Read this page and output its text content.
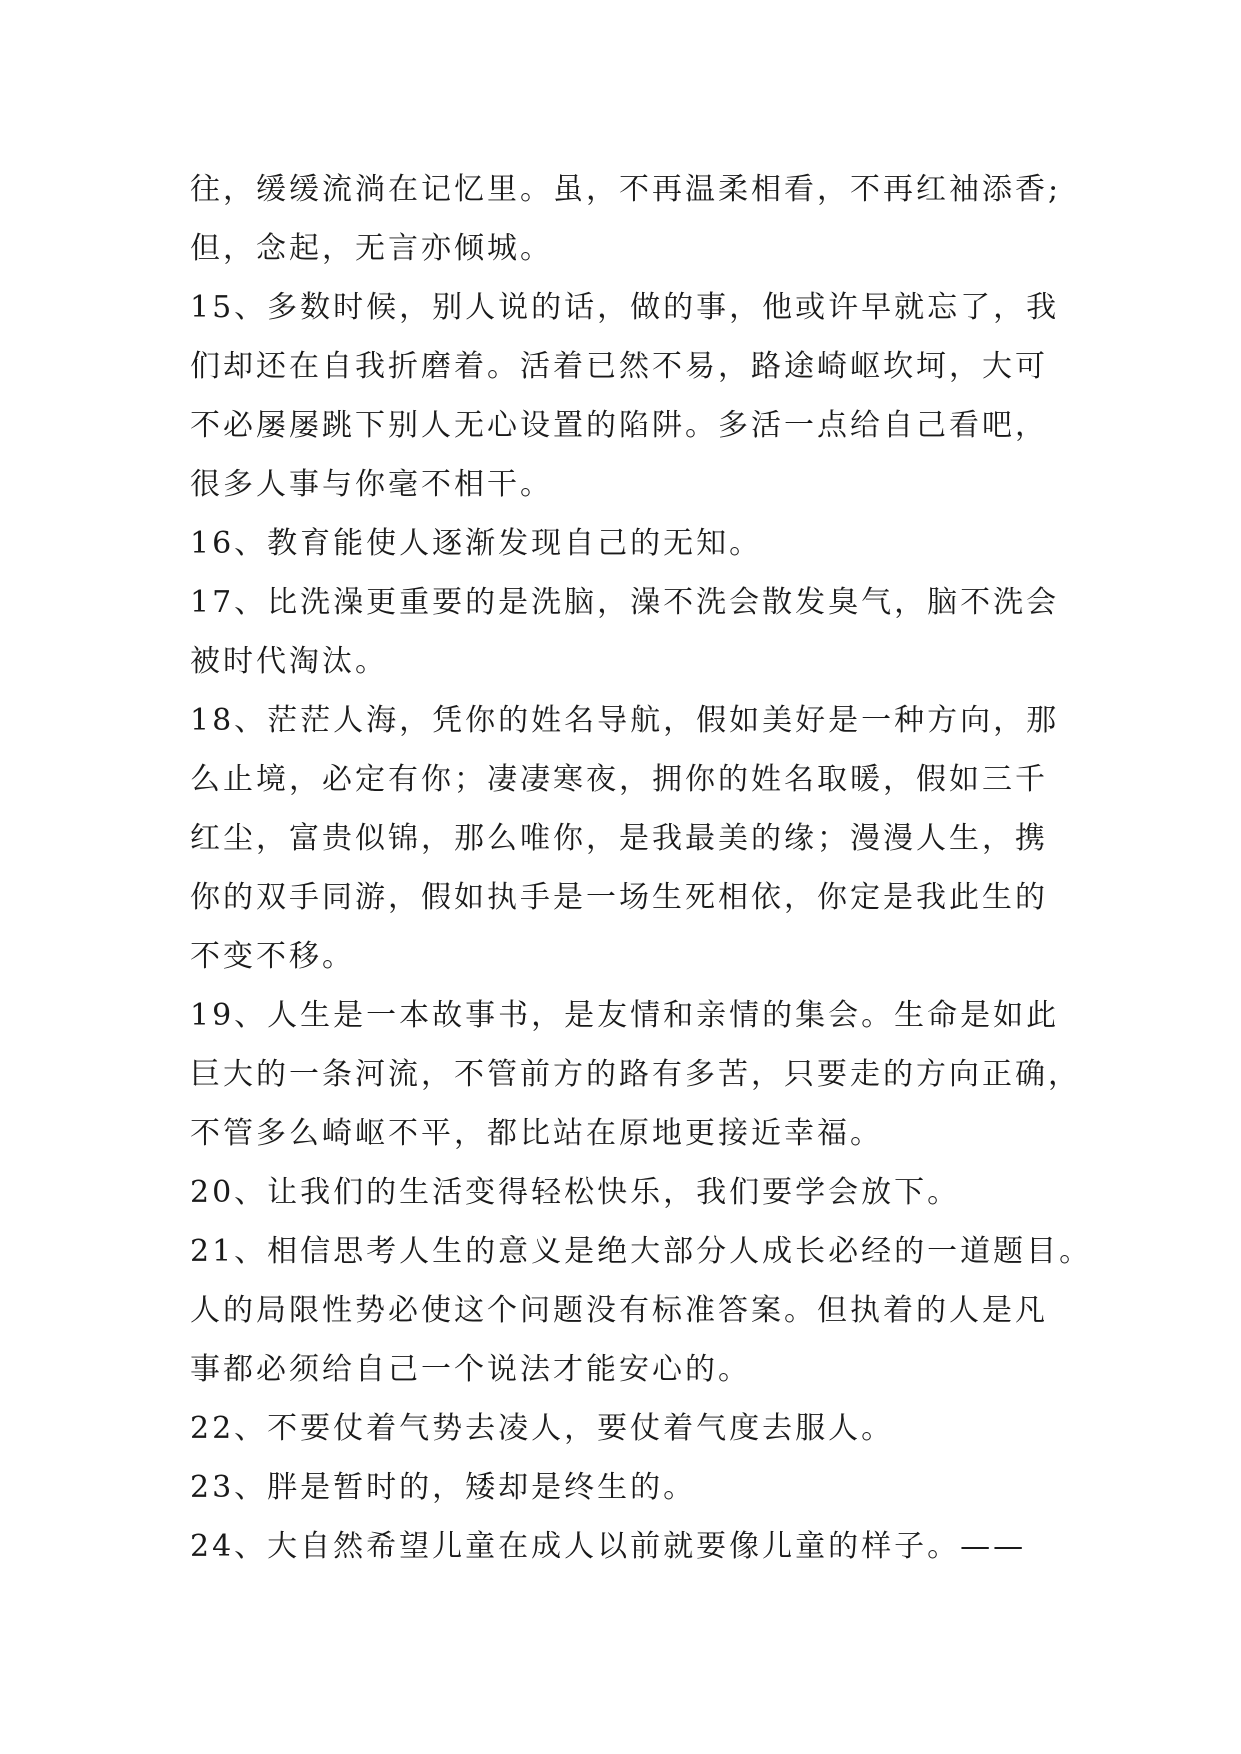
往，缓缓流淌在记忆里。虽，不再温柔相看，不再红袖添香;
但，念起，无言亦倾城。
15、多数时候，别人说的话，做的事，他或许早就忘了，我
们却还在自我折磨着。活着已然不易，路途崎岖坎坷，大可
不必屡屡跳下别人无心设置的陷阱。多活一点给自己看吧，
很多人事与你毫不相干。
16、教育能使人逐渐发现自己的无知。
17、比洗澡更重要的是洗脑，澡不洗会散发臭气，脑不洗会
被时代淘汰。
18、茫茫人海，凭你的姓名导航，假如美好是一种方向，那
么止境，必定有你；凄凄寒夜，拥你的姓名取暖，假如三千
红尘，富贵似锦，那么唯你，是我最美的缘；漫漫人生，携
你的双手同游，假如执手是一场生死相依，你定是我此生的
不变不移。
19、人生是一本故事书，是友情和亲情的集会。生命是如此
巨大的一条河流，不管前方的路有多苦，只要走的方向正确，
不管多么崎岖不平，都比站在原地更接近幸福。
20、让我们的生活变得轻松快乐，我们要学会放下。
21、相信思考人生的意义是绝大部分人成长必经的一道题目。
人的局限性势必使这个问题没有标准答案。但执着的人是凡
事都必须给自己一个说法才能安心的。
22、不要仗着气势去凌人，要仗着气度去服人。
23、胖是暂时的，矮却是终生的。
24、大自然希望儿童在成人以前就要像儿童的样子。——
